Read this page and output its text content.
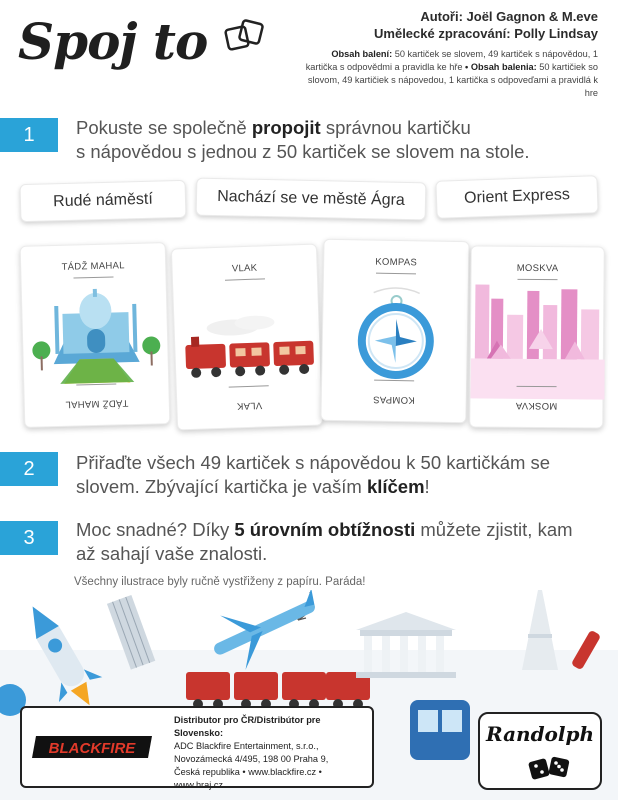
Spoj to	Autoři: Joël Gagnon & M.eve
Umělecké zpracování: Polly Lindsay
Obsah balení: 50 kartiček se slovem, 49 kartiček s nápovědou, 1 kartička s odpovědmi a pravidla ke hře • Obsah balenia: 50 kartičiek so slovom, 49 kartičiek s nápovedou, 1 kartička s odpoveďami a pravidlá k hre
1	Pokuste se společně propojit správnou kartičku
s nápovědou s jednou z 50 kartiček se slovem na stole.
Rudé náměstí	Nachází se ve městě Ágra	Orient Express
TÁDŽ MAHAL
TÁDŽ MAHAL
VLAK
VLAK
KOMPAS
KOMPAS
MOSKVA
MOSKVA
2	Přiřaďte všech 49 kartiček s nápovědou k 50 kartičkám se
slovem. Zbývající kartička je vaším klíčem!
3	Moc snadné? Díky 5 úrovním obtížnosti můžete zjistit, kam
až sahají vaše znalosti.
Všechny ilustrace byly ručně vystřiženy z papíru. Paráda!
BLACKFIRE
Distributor pro ČR/Distribútor pre Slovensko:
ADC Blackfire Entertainment, s.r.o.,
Novozámecká 4/495, 198 00 Praha 9,
Česká republika • www.blackfire.cz • www.hraj.cz
Randolph
